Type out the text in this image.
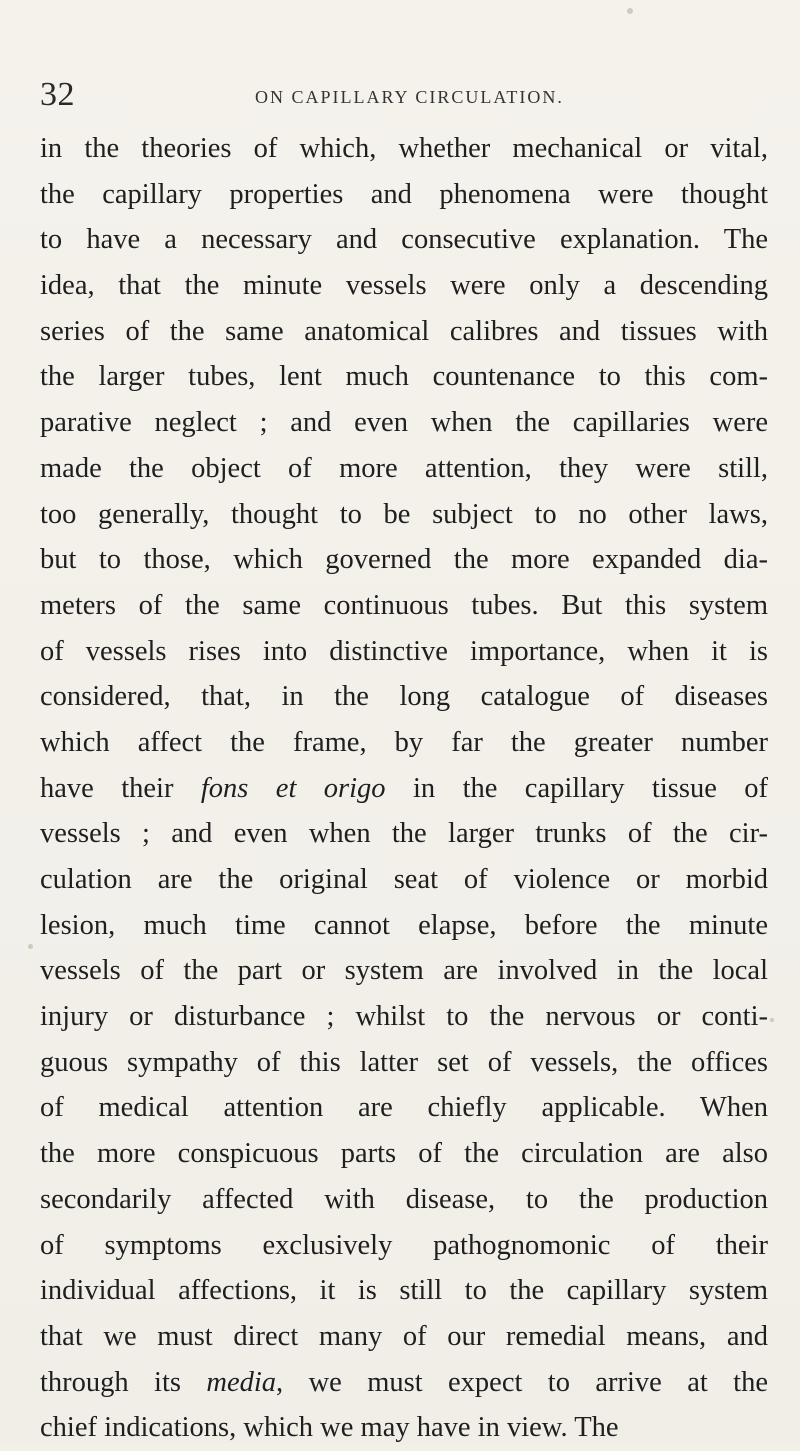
32	ON CAPILLARY CIRCULATION.
in the theories of which, whether mechanical or vital,
the capillary properties and phenomena were thought
to have a necessary and consecutive explanation. The
idea, that the minute vessels were only a descending
series of the same anatomical calibres and tissues with
the larger tubes, lent much countenance to this com-
parative neglect ; and even when the capillaries were
made the object of more attention, they were still,
too generally, thought to be subject to no other laws,
but to those, which governed the more expanded dia-
meters of the same continuous tubes. But this system
of vessels rises into distinctive importance, when it is
considered, that, in the long catalogue of diseases
which affect the frame, by far the greater number
have their fons et origo in the capillary tissue of
vessels ; and even when the larger trunks of the cir-
culation are the original seat of violence or morbid
lesion, much time cannot elapse, before the minute
vessels of the part or system are involved in the local
injury or disturbance ; whilst to the nervous or conti-
guous sympathy of this latter set of vessels, the offices
of medical attention are chiefly applicable. When
the more conspicuous parts of the circulation are also
secondarily affected with disease, to the production
of symptoms exclusively pathognomonic of their
individual affections, it is still to the capillary system
that we must direct many of our remedial means, and
through its media, we must expect to arrive at the
chief indications, which we may have in view. The
